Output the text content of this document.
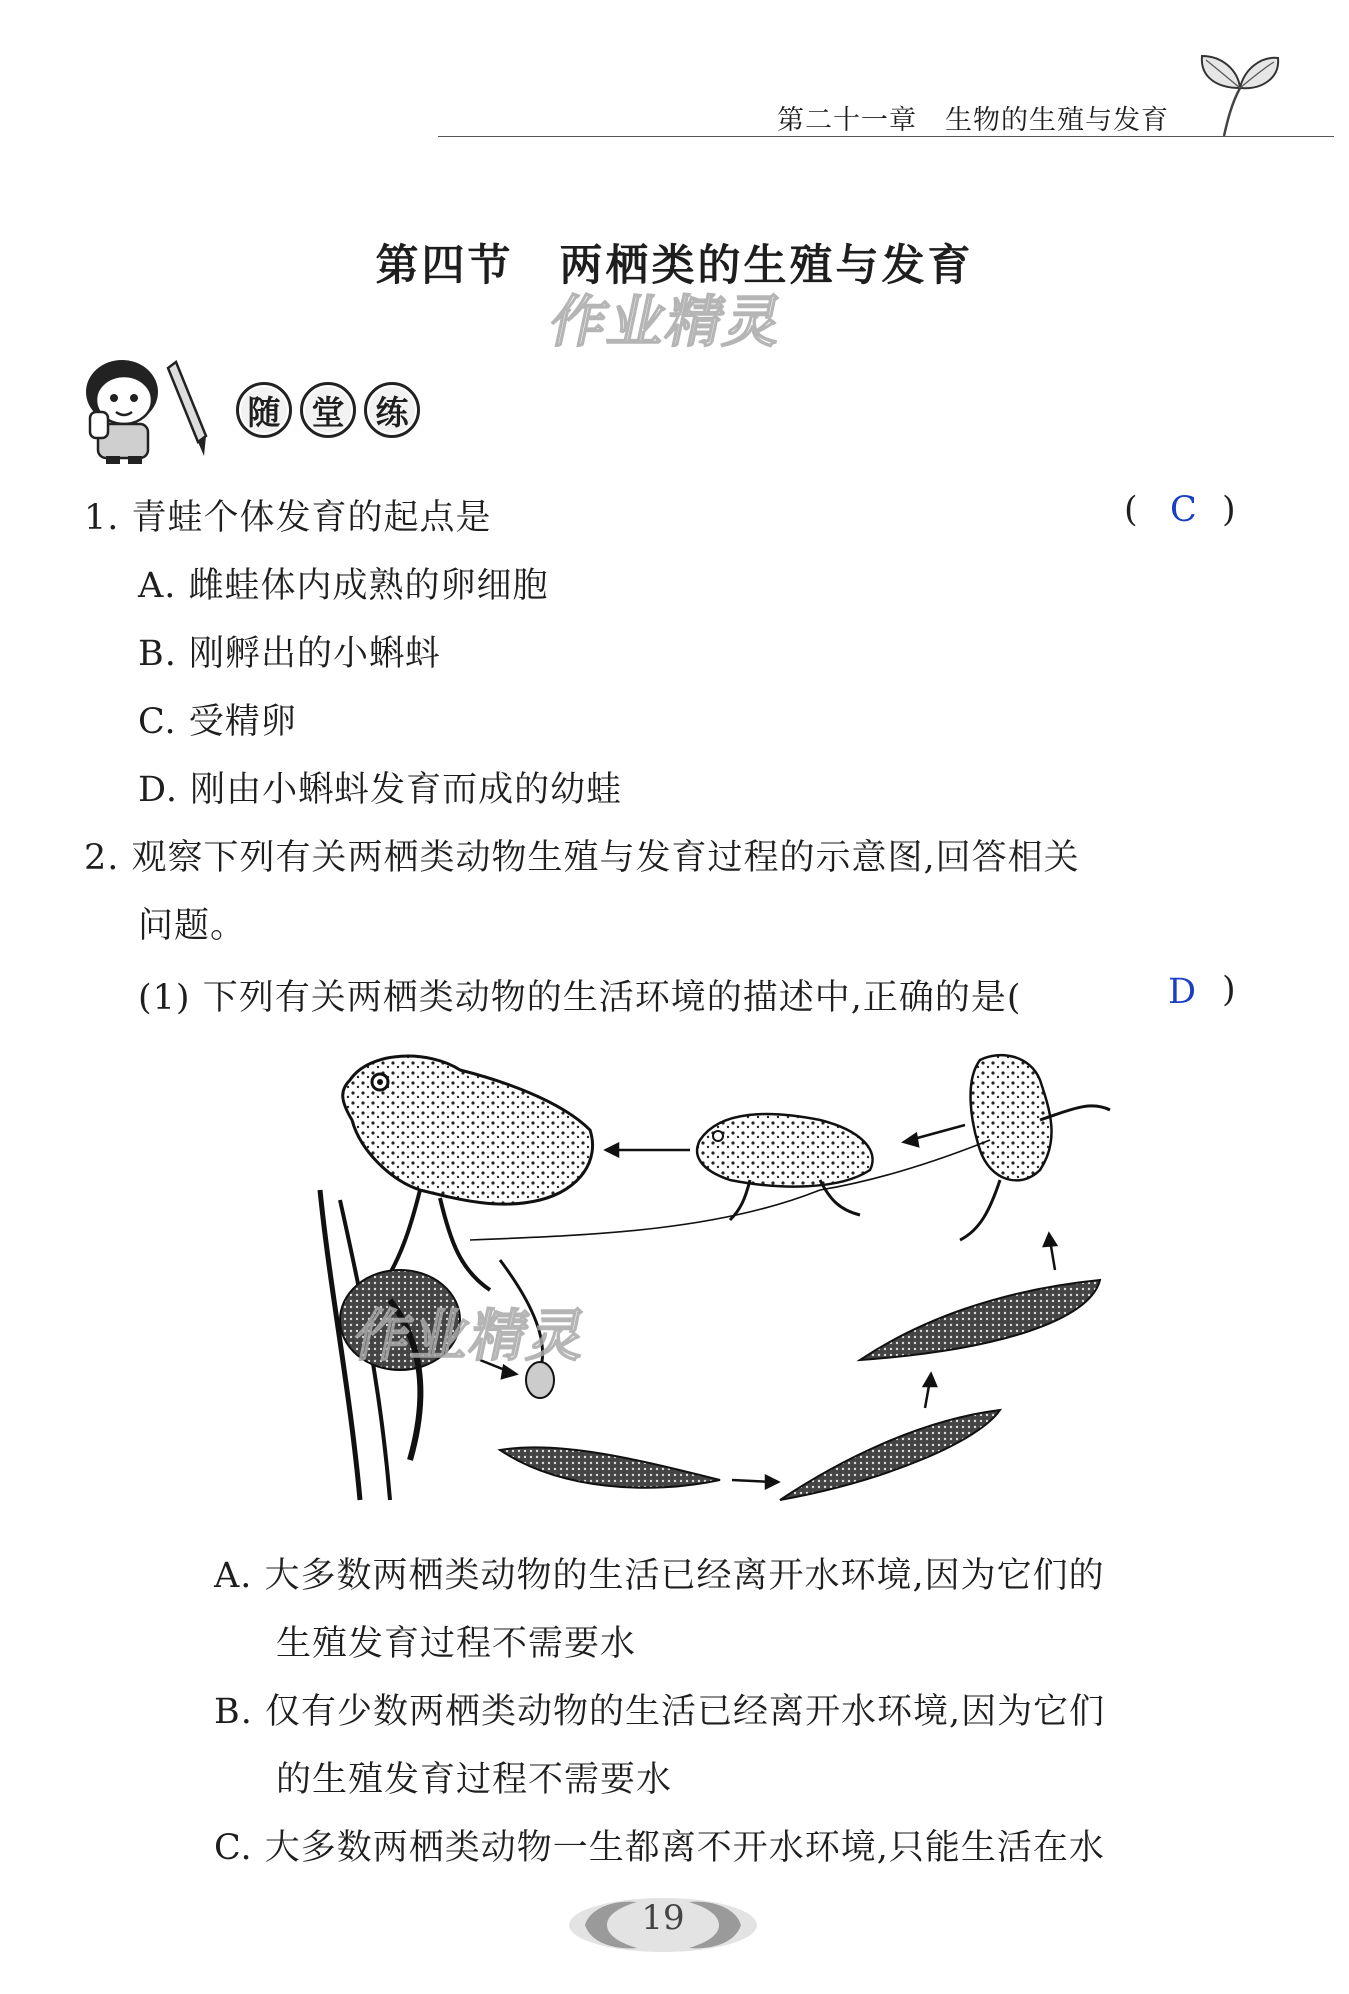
第二十一章　生物的生殖与发育
第四节　两栖类的生殖与发育
作业精灵
随 堂 练
1. 青蛙个体发育的起点是	( C )
A. 雌蛙体内成熟的卵细胞
B. 刚孵出的小蝌蚪
C. 受精卵
D. 刚由小蝌蚪发育而成的幼蛙
2. 观察下列有关两栖类动物生殖与发育过程的示意图,回答相关
问题。
(1) 下列有关两栖类动物的生活环境的描述中,正确的是(	D )
作业精灵
A. 大多数两栖类动物的生活已经离开水环境,因为它们的
生殖发育过程不需要水
B. 仅有少数两栖类动物的生活已经离开水环境,因为它们
的生殖发育过程不需要水
C. 大多数两栖类动物一生都离不开水环境,只能生活在水
19
